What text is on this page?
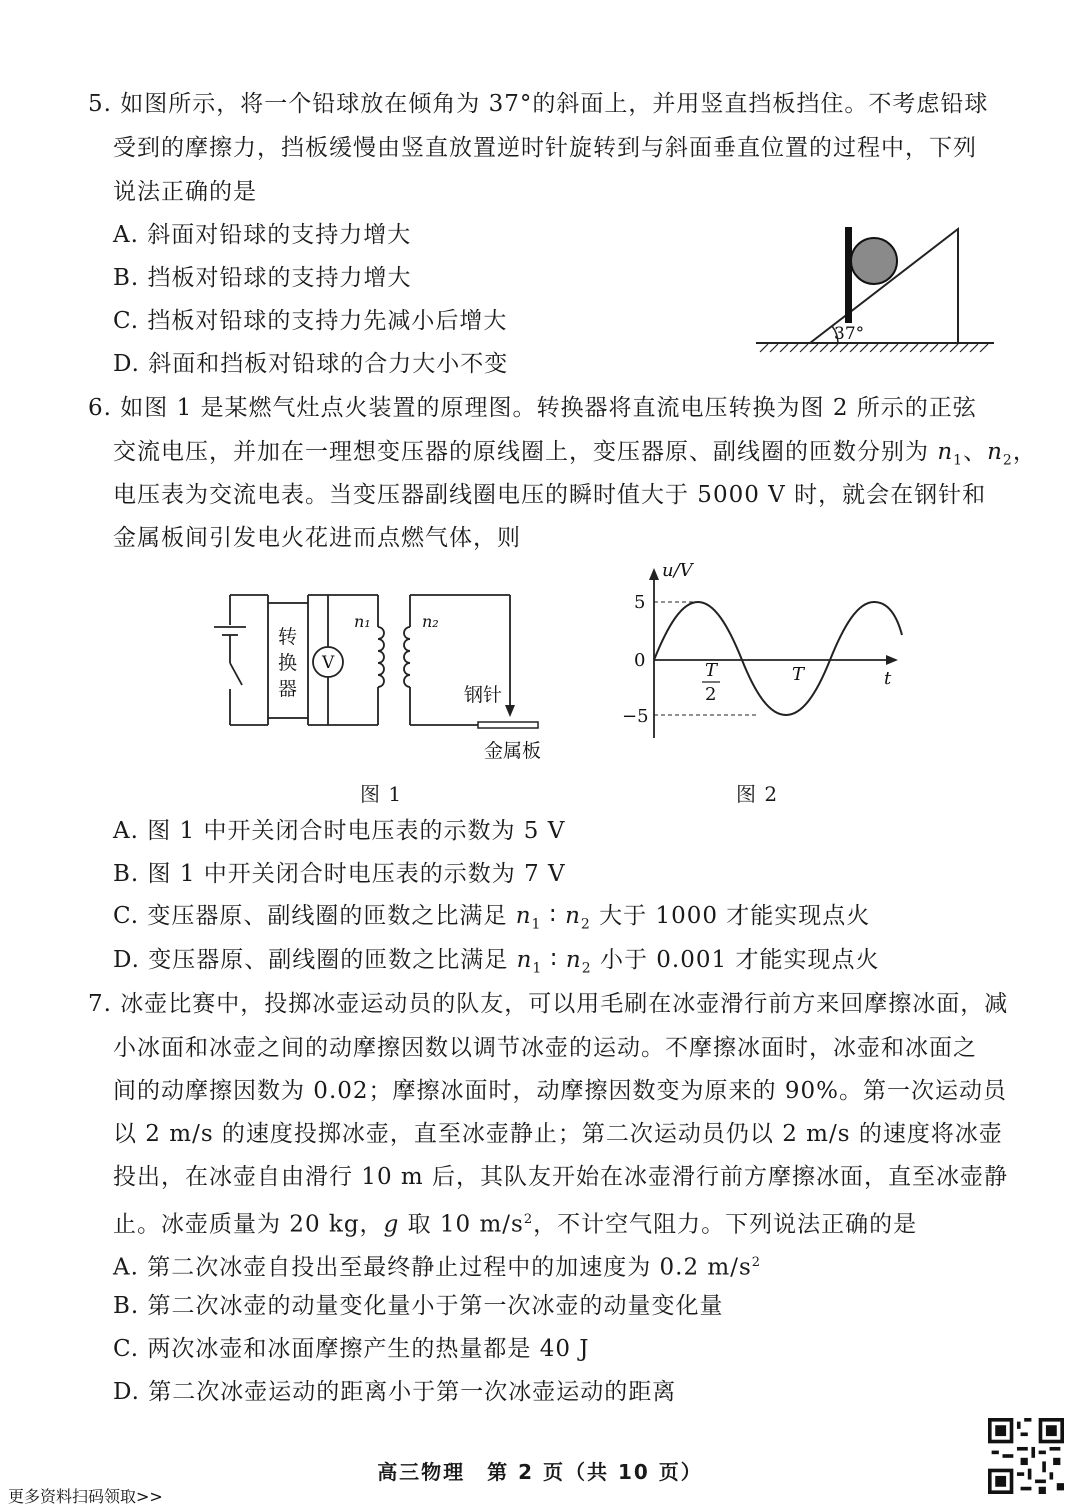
5. 如图所示，将一个铅球放在倾角为 37°的斜面上，并用竖直挡板挡住。不考虑铅球
受到的摩擦力，挡板缓慢由竖直放置逆时针旋转到与斜面垂直位置的过程中，下列
说法正确的是
A. 斜面对铅球的支持力增大
B. 挡板对铅球的支持力增大
C. 挡板对铅球的支持力先减小后增大
D. 斜面和挡板对铅球的合力大小不变
37°
6. 如图 1 是某燃气灶点火装置的原理图。转换器将直流电压转换为图 2 所示的正弦
交流电压，并加在一理想变压器的原线圈上，变压器原、副线圈的匝数分别为 $n_1$、$n_2$，
电压表为交流电表。当变压器副线圈电压的瞬时值大于 5000 V 时，就会在钢针和
金属板间引发电火花进而点燃气体，则
转
换
器
V
n₁	n₂
钢针
金属板
图 1
u/V
t
5
0
−5
T
2
T
图 2
A. 图 1 中开关闭合时电压表的示数为 5 V
B. 图 1 中开关闭合时电压表的示数为 7 V
C. 变压器原、副线圈的匝数之比满足 $n_1$ ∶ $n_2$ 大于 1000 才能实现点火
D. 变压器原、副线圈的匝数之比满足 $n_1$ ∶ $n_2$ 小于 0.001 才能实现点火
7. 冰壶比赛中，投掷冰壶运动员的队友，可以用毛刷在冰壶滑行前方来回摩擦冰面，减
小冰面和冰壶之间的动摩擦因数以调节冰壶的运动。不摩擦冰面时，冰壶和冰面之
间的动摩擦因数为 0.02；摩擦冰面时，动摩擦因数变为原来的 90%。第一次运动员
以 2 m/s 的速度投掷冰壶，直至冰壶静止；第二次运动员仍以 2 m/s 的速度将冰壶
投出，在冰壶自由滑行 10 m 后，其队友开始在冰壶滑行前方摩擦冰面，直至冰壶静
止。冰壶质量为 20 kg，g 取 10 $m/s^2$，不计空气阻力。下列说法正确的是
A. 第二次冰壶自投出至最终静止过程中的加速度为 0.2 $m/s^2$
B. 第二次冰壶的动量变化量小于第一次冰壶的动量变化量
C. 两次冰壶和冰面摩擦产生的热量都是 40 J
D. 第二次冰壶运动的距离小于第一次冰壶运动的距离
高三物理　第 2 页（共 10 页）
更多资料扫码领取>>
